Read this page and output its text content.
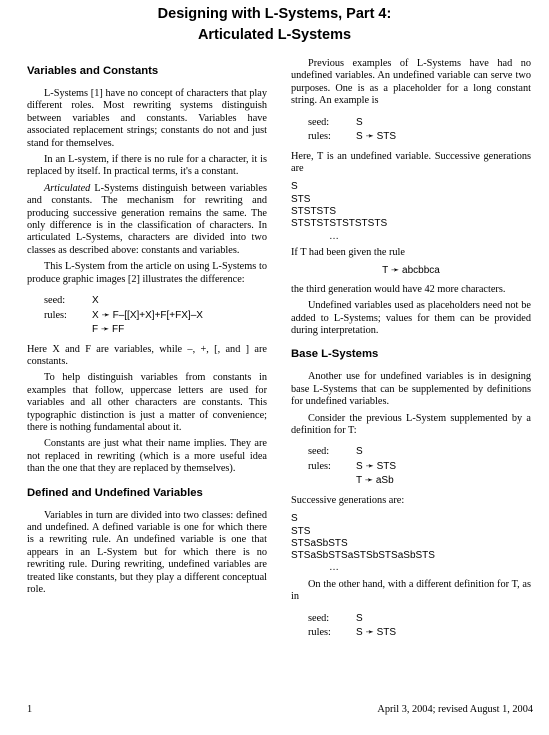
Designing with L-Systems, Part 4:
Articulated L-Systems
Variables and Constants

L-Systems [1] have no concept of characters that play different roles. Most rewriting systems distinguish between variables and constants. Variables have associated replacement strings; constants do not and just stand for themselves.

In an L-system, if there is no rule for a character, it is replaced by itself. In practical terms, it's a constant.

Articulated L-Systems distinguish between variables and constants. The mechanism for rewriting and producing successive generation remains the same. The only difference is in the classification of characters. In articulated L-Systems, characters are divided into two classes as described above: constants and variables.

This L-System from the article on using L-Systems to produce graphic images [2] illustrates the difference:

seed:	X
rules:	X ➛ F–[[X]+X]+F[+FX]–X
F ➛ FF

Here X and F are variables, while –, +, [, and ] are constants.

To help distinguish variables from constants in examples that follow, uppercase letters are used for variables and all other characters are constants. This typographic distinction is just a matter of convenience; there is nothing fundamental about it.

Constants are just what their name implies. They are not replaced in rewriting (which is a more useful idea than the one that they are replaced by themselves).

Defined and Undefined Variables

Variables in turn are divided into two classes: defined and undefined. A defined variable is one for which there is a rewriting rule. An undefined variable is one that appears in an L-System but for which there is no rewriting rule. During rewriting, undefined variables are treated like constants, but they play a different conceptual role.

Previous examples of L-Systems have had no undefined variables. An undefined variable can serve two purposes. One is as a placeholder for a long constant string. An example is

seed:	S
rules:	S ➛ STS

Here, T is an undefined variable. Successive generations are

S
STS
STSTSTS
STSTSTSTSTSTSTS
…

If T had been given the rule

T ➛ abcbbca

the third generation would have 42 more characters.

Undefined variables used as placeholders need not be added to L-Systems; values for them can be provided during interpretation.

Base L-Systems

Another use for undefined variables is in designing base L-Systems that can be supplemented by definitions for undefined variables.

Consider the previous L-System supplemented by a definition for T:

seed:	S
rules:	S ➛ STS
T ➛ aSb

Successive generations are:

S
STS
STSaSbSTS
STSaSbSTSaSTSbSTSaSbSTS
…

On the other hand, with a different definition for T, as in

seed:	S
rules:	S ➛ STS
1	April 3, 2004; revised August 1, 2004
